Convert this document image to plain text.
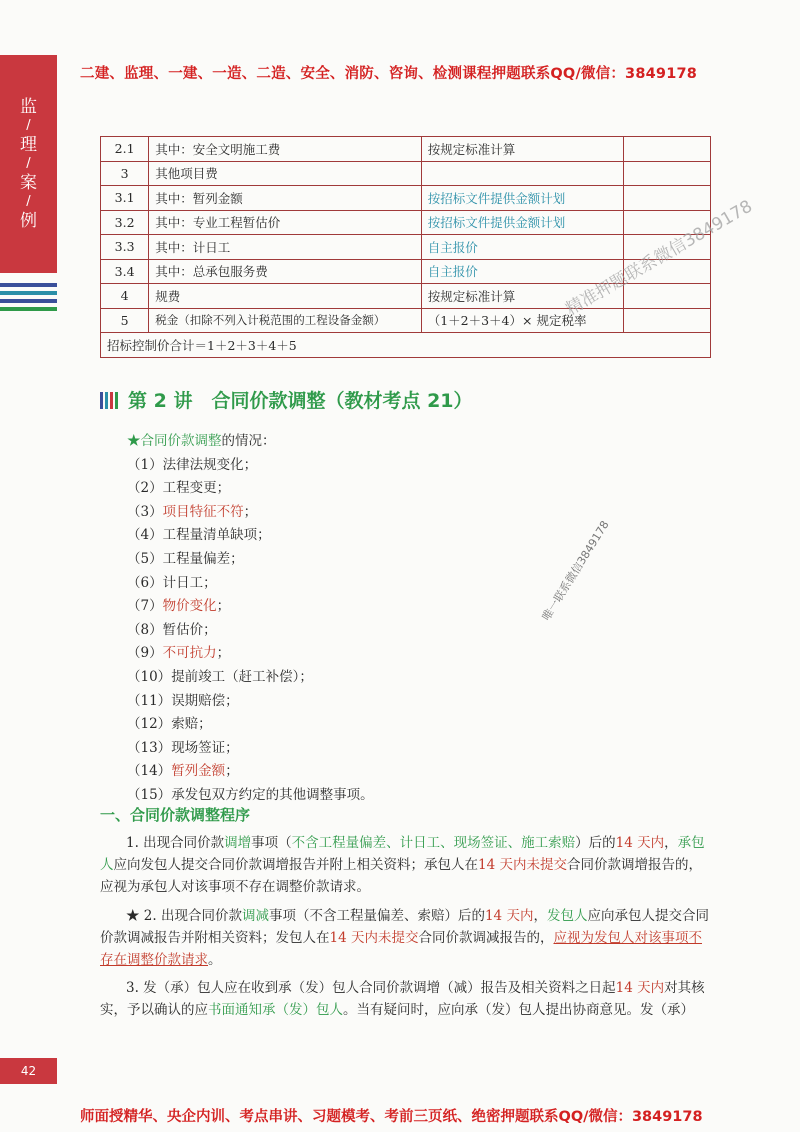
二建、监理、一建、一造、二造、安全、消防、咨询、检测课程押题联系QQ/微信：3849178
监
/
理
/
案
/
例
2.1	其中：安全文明施工费	按规定标准计算	
3	其他项目费		
3.1	其中：暂列金额	按招标文件提供金额计划	
3.2	其中：专业工程暂估价	按招标文件提供金额计划	
3.3	其中：计日工	自主报价	
3.4	其中：总承包服务费	自主报价	
4	规费	按规定标准计算	
5	税金（扣除不列入计税范围的工程设备金额）	（1＋2＋3＋4）× 规定税率	
招标控制价合计＝1＋2＋3＋4＋5			
精准押题联系微信3849178
第 2 讲　合同价款调整（教材考点 21）
★合同价款调整的情况：
（1）法律法规变化；
（2）工程变更；
（3）项目特征不符；
（4）工程量清单缺项；
（5）工程量偏差；
（6）计日工；
（7）物价变化；
（8）暂估价；
（9）不可抗力；
（10）提前竣工（赶工补偿）；
（11）误期赔偿；
（12）索赔；
（13）现场签证；
（14）暂列金额；
（15）承发包双方约定的其他调整事项。
唯一联系微信3849178
一、合同价款调整程序
1. 出现合同价款调增事项（不含工程量偏差、计日工、现场签证、施工索赔）后的14 天内，承包人应向发包人提交合同价款调增报告并附上相关资料；承包人在14 天内未提交合同价款调增报告的，应视为承包人对该事项不存在调整价款请求。
★ 2. 出现合同价款调减事项（不含工程量偏差、索赔）后的14 天内，发包人应向承包人提交合同价款调减报告并附相关资料；发包人在14 天内未提交合同价款调减报告的，应视为发包人对该事项不存在调整价款请求。
3. 发（承）包人应在收到承（发）包人合同价款调增（减）报告及相关资料之日起14 天内对其核实，予以确认的应书面通知承（发）包人。当有疑问时，应向承（发）包人提出协商意见。发（承）
42
师面授精华、央企内训、考点串讲、习题模考、考前三页纸、绝密押题联系QQ/微信：3849178
